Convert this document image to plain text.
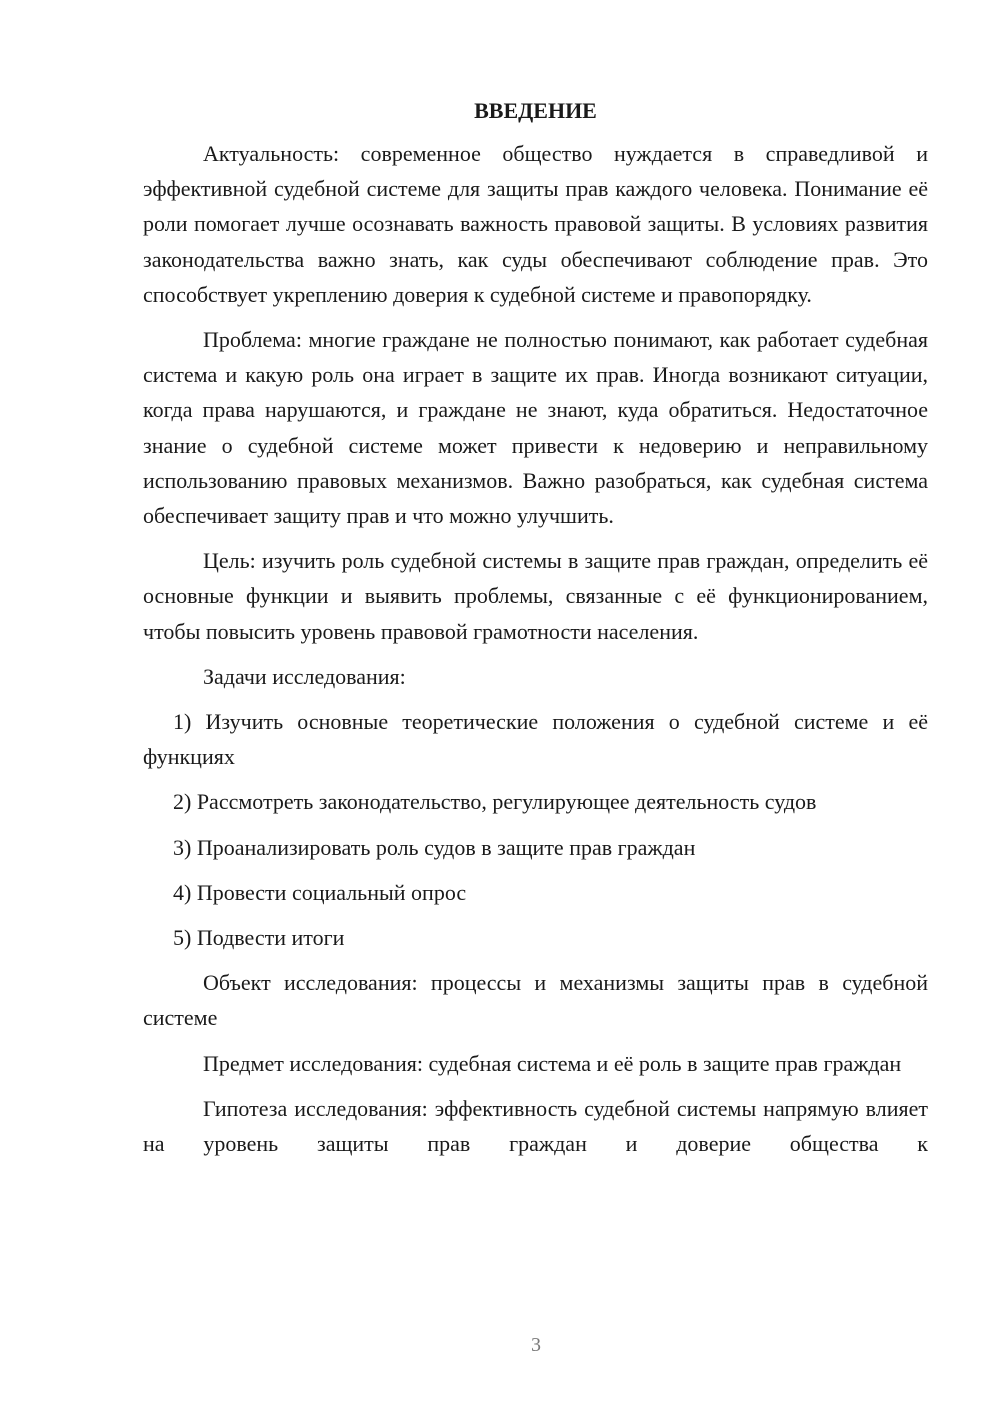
ВВЕДЕНИЕ

Актуальность: современное общество нуждается в справедливой и эффективной судебной системе для защиты прав каждого человека. Понимание её роли помогает лучше осознавать важность правовой защиты. В условиях развития законодательства важно знать, как суды обеспечивают соблюдение прав. Это способствует укреплению доверия к судебной системе и правопорядку.

Проблема: многие граждане не полностью понимают, как работает судебная система и какую роль она играет в защите их прав. Иногда возникают ситуации, когда права нарушаются, и граждане не знают, куда обратиться. Недостаточное знание о судебной системе может привести к недоверию и неправильному использованию правовых механизмов. Важно разобраться, как судебная система обеспечивает защиту прав и что можно улучшить.

Цель: изучить роль судебной системы в защите прав граждан, определить её основные функции и выявить проблемы, связанные с её функционированием, чтобы повысить уровень правовой грамотности населения.

Задачи исследования:

1) Изучить основные теоретические положения о судебной системе и её функциях

2) Рассмотреть законодательство, регулирующее деятельность судов

3) Проанализировать роль судов в защите прав граждан

4) Провести социальный опрос

5) Подвести итоги

Объект исследования: процессы и механизмы защиты прав в судебной системе

Предмет исследования: судебная система и её роль в защите прав граждан

Гипотеза исследования: эффективность судебной системы напрямую влияет на уровень защиты прав граждан и доверие общества к

3
